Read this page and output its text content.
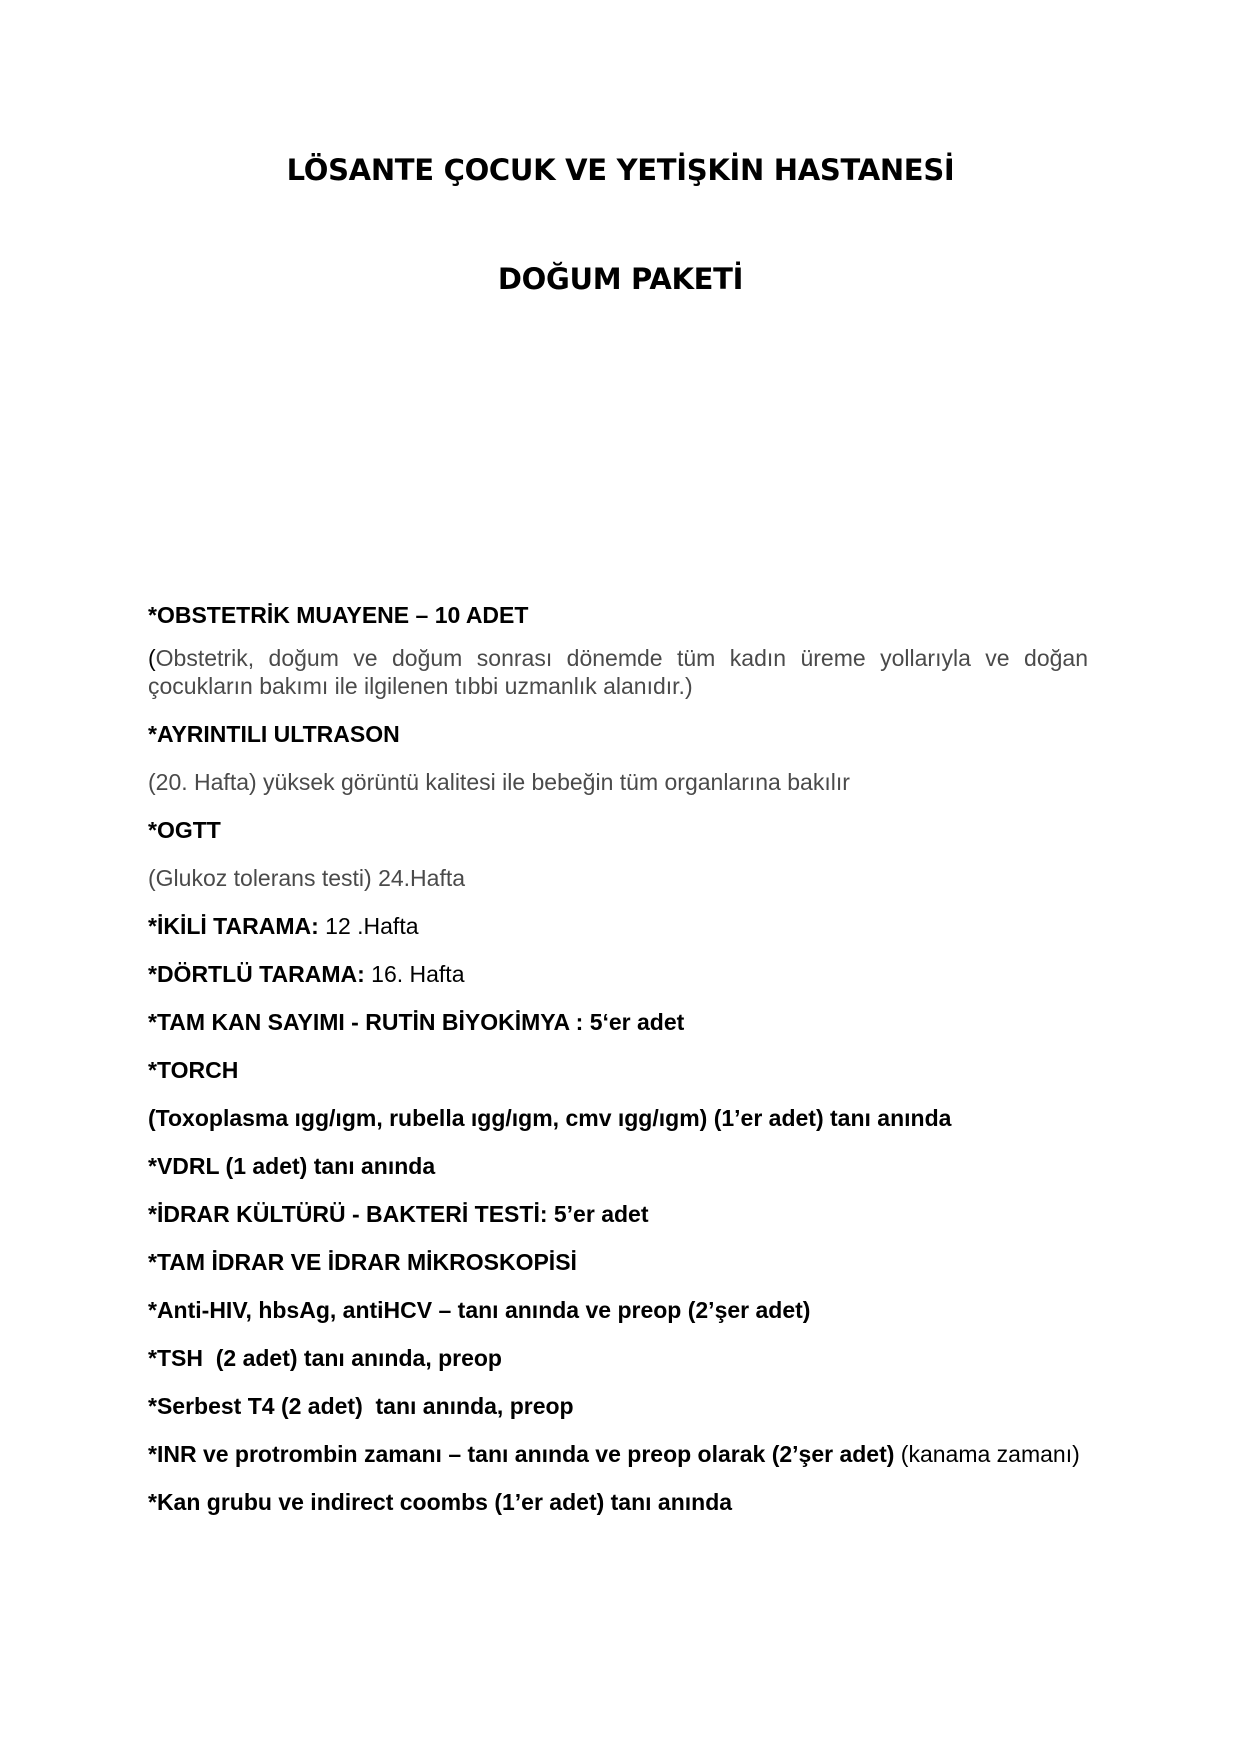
LÖSANTE ÇOCUK VE YETİŞKİN HASTANESİ
DOĞUM PAKETİ

*OBSTETRİK MUAYENE – 10 ADET

(Obstetrik, doğum ve doğum sonrası dönemde tüm kadın üreme yollarıyla ve doğan çocukların bakımı ile ilgilenen tıbbi uzmanlık alanıdır.)

*AYRINTILI ULTRASON

(20. Hafta) yüksek görüntü kalitesi ile bebeğin tüm organlarına bakılır

*OGTT

(Glukoz tolerans testi) 24.Hafta

*İKİLİ TARAMA: 12 .Hafta

*DÖRTLÜ TARAMA: 16. Hafta

*TAM KAN SAYIMI - RUTİN BİYOKİMYA : 5‘er adet

*TORCH

(Toxoplasma ıgg/ıgm, rubella ıgg/ıgm, cmv ıgg/ıgm) (1’er adet) tanı anında

*VDRL (1 adet) tanı anında

*İDRAR KÜLTÜRÜ - BAKTERİ TESTİ: 5’er adet

*TAM İDRAR VE İDRAR MİKROSKOPİSİ

*Anti-HIV, hbsAg, antiHCV – tanı anında ve preop (2’şer adet)

*TSH  (2 adet) tanı anında, preop

*Serbest T4 (2 adet)  tanı anında, preop

*INR ve protrombin zamanı – tanı anında ve preop olarak (2’şer adet) (kanama zamanı)

*Kan grubu ve indirect coombs (1’er adet) tanı anında
